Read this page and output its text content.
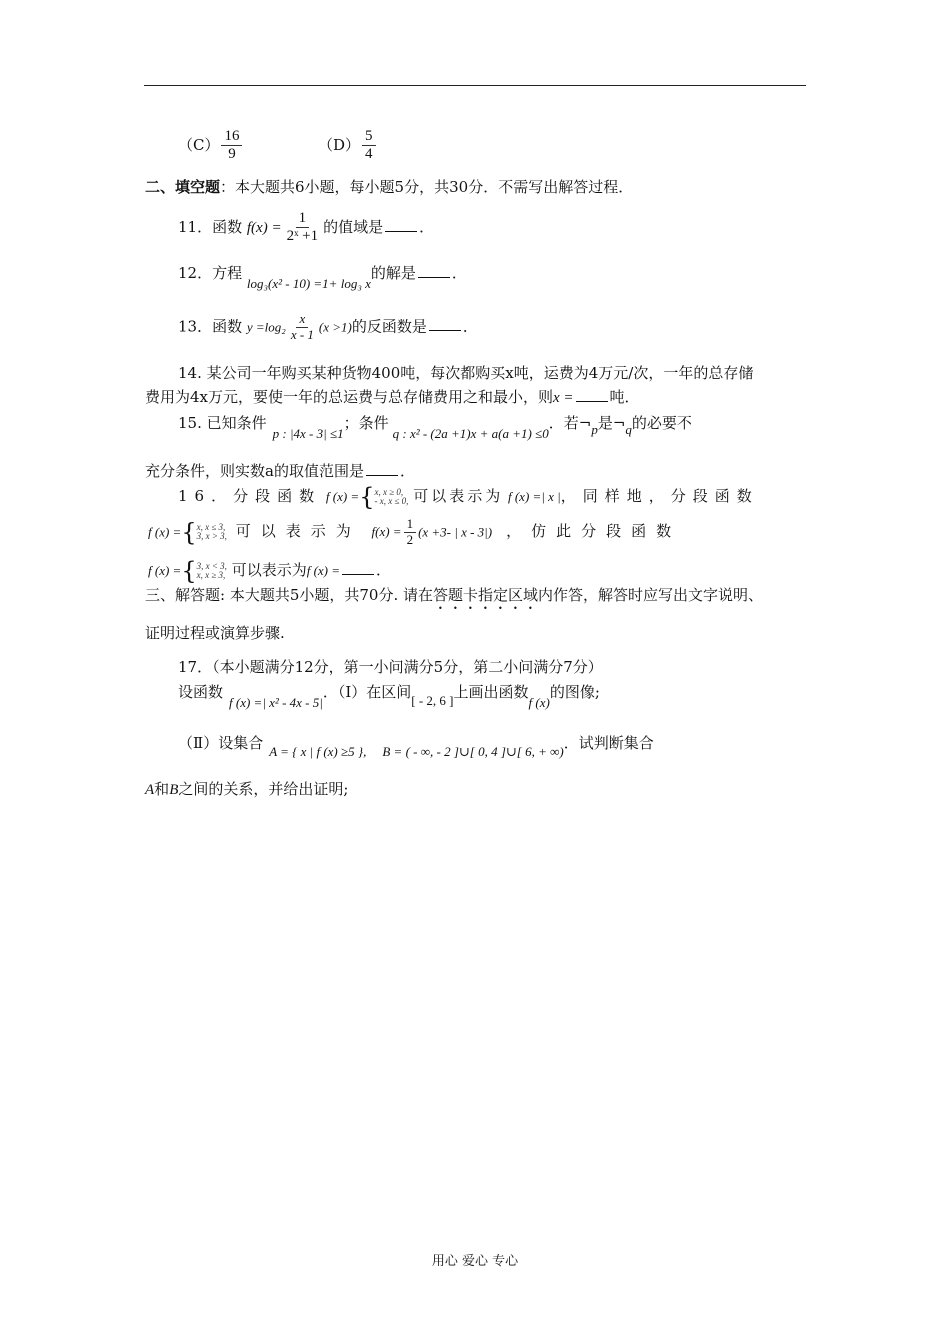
$(C) \frac{16}{9}$	$(D) \frac{5}{4}$
二、填空题：本大题共6小题，每小题5分，共30分．不需写出解答过程．
11．函数 $f(x) = \frac{1}{\text{2ˣ +1}}$ 的值域是 ．
12．方程 log₃(x² - 10) =1+ log₃ x的解是 ．
13．函数 $y =\log_2 \frac{x}{x - 1} (x >1)$的反函数是 ．
14. 某公司一年购买某种货物400吨，每次都购买x吨，运费为4万元/次，一年的总存储
费用为4x万元，要使一年的总运费与总存储费用之和最小，则x = 吨．
15. 已知条件p : |4x - 3| ≤1；条件q : x² - (2a +1)x + a(a +1) ≤0．若¬p是¬q的必要不
充分条件，则实数a的取值范围是 ．
16．分段函数 f (x) ={ x, x ≥ 0,
- x, x ≤ 0, 可以表示为 f (x) =| x |，同样地，分段函数
f (x) ={ x, x ≤ 3,
3, x > 3, 可以表示为 $f(x) = \frac{1}{2} (x +3-$ | x - 3|) ，仿此分段函数
f (x) ={ 3, x < 3,
x, x ≥ 3, 可以表示为f (x) = ．
三、解答题: 本大题共5小题，共70分. 请在答题卡指定区域内作答，解答时应写出文字说明、
证明过程或演算步骤.
17．（本小题满分12分，第一小问满分5分，第二小问满分7分）
设函数f (x) =| x² - 4x - 5|．（Ⅰ）在区间[ - 2, 6 ]上画出函数f (x)的图像;
（Ⅱ）设集合 A = { x | f (x) ≥5 }, B = ( - ∞, - 2 ]∪[ 0, 4 ]∪[ 6, + ∞)．试判断集合
A和B之间的关系，并给出证明;
用心 爱心 专心
